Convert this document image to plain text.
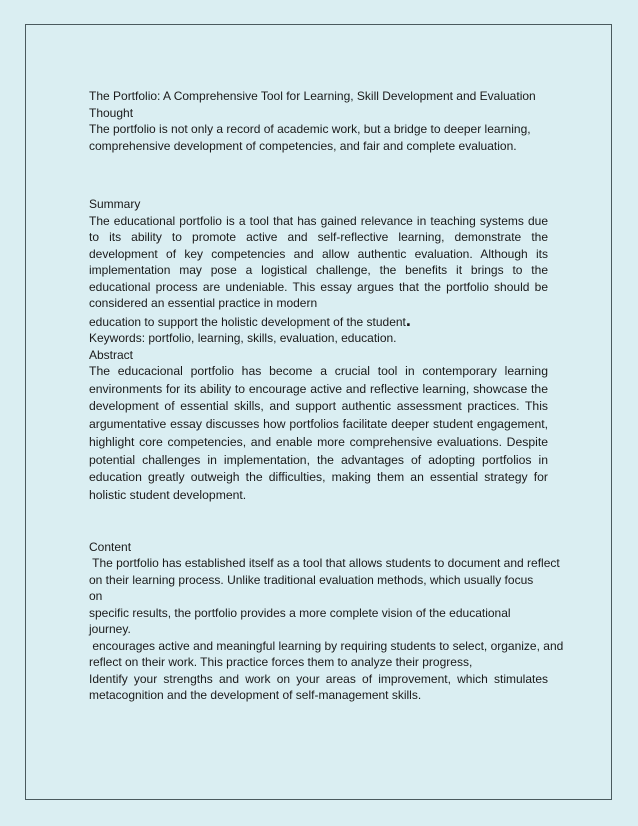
The Portfolio: A Comprehensive Tool for Learning, Skill Development and Evaluation

Thought

The portfolio is not only a record of academic work, but a bridge to deeper learning, comprehensive development of competencies, and fair and complete evaluation.

Summary

The educational portfolio is a tool that has gained relevance in teaching systems due to its ability to promote active and self-reflective learning, demonstrate the development of key competencies and allow authentic evaluation. Although its implementation may pose a logistical challenge, the benefits it brings to the educational process are undeniable. This essay argues that the portfolio should be considered an essential practice in modern

education to support the holistic development of the student.

Keywords: portfolio, learning, skills, evaluation, education.

Abstract

The educacional portfolio has become a crucial tool in contemporary learning environments for its ability to encourage active and reflective learning, showcase the development of essential skills, and support authentic assessment practices. This argumentative essay discusses how portfolios facilitate deeper student engagement, highlight core competencies, and enable more comprehensive evaluations. Despite potential challenges in implementation, the advantages of adopting portfolios in education greatly outweigh the difficulties, making them an essential strategy for holistic student development.

Content

The portfolio has established itself as a tool that allows students to document and reflect
on their learning process. Unlike traditional evaluation methods, which usually focus on
specific results, the portfolio provides a more complete vision of the educational journey.
encourages active and meaningful learning by requiring students to select, organize, and
reflect on their work. This practice forces them to analyze their progress,

Identify your strengths and work on your areas of improvement, which stimulates metacognition and the development of self-management skills.
